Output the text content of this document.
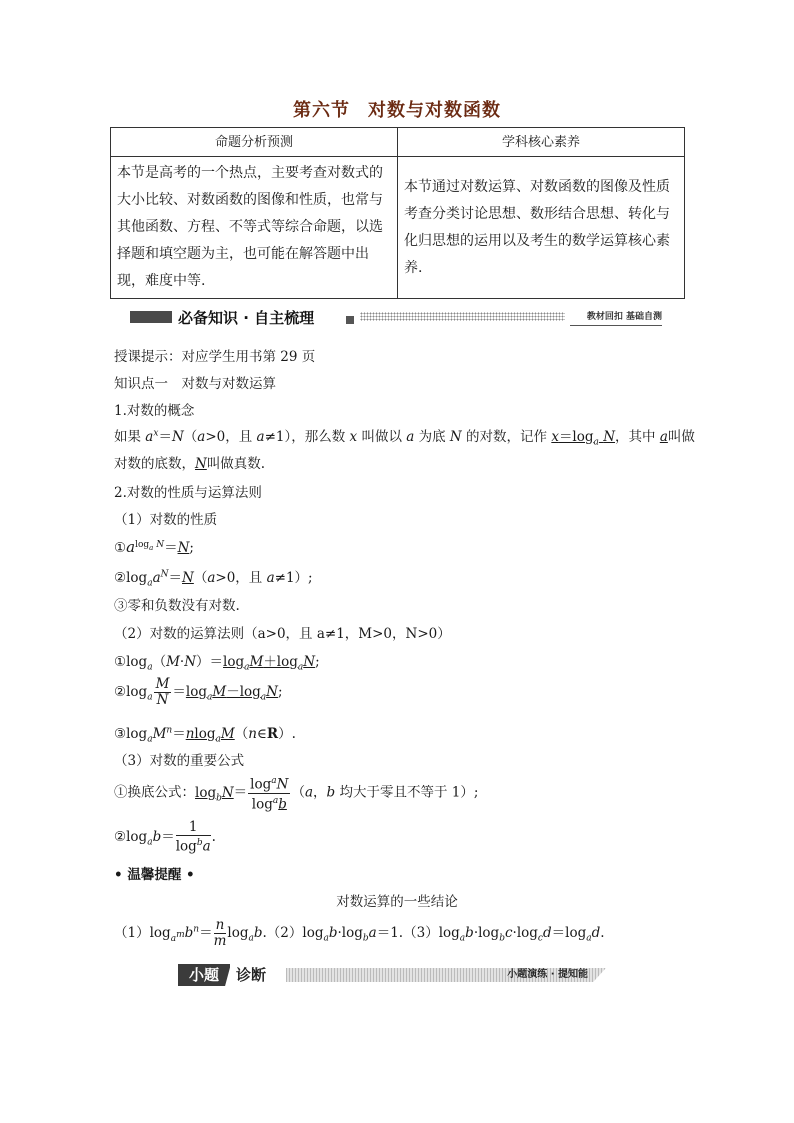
第六节 对数与对数函数
命题分析预测	学科核心素养
本节是高考的一个热点，主要考查对数式的大小比较、对数函数的图像和性质，也常与其他函数、方程、不等式等综合命题，以选择题和填空题为主，也可能在解答题中出现，难度中等.	本节通过对数运算、对数函数的图像及性质考查分类讨论思想、数形结合思想、转化与化归思想的运用以及考生的数学运算核心素养.
必备知识 · 自主梳理	教材回扣 基础自测
授课提示：对应学生用书第 29 页
知识点一　对数与对数运算
1.对数的概念
如果 $a^x=N(a>0$，且 a≠1），那么数 x 叫做以 a 为底 N 的对数，记作 $x=\log_a$ N，其中 a叫做
对数的底数，N叫做真数.
2.对数的性质与运算法则
（1）对数的性质
$①a^{log_a N}=N$;
$②\log_aa^N=N(a>0$，且 a≠1）;
③零和负数没有对数.
（2）对数的运算法则（a>0，且 a≠1，M>0，N>0）
$①\log_a(M\cdot N)=\log_aM+\log_aN$;
$②\log_a \frac{M}{N} =\log_aM-\log_aN$;
$③\log_aM^n=nlog_aM(n\in R)$.
（3）对数的重要公式
①换底公式：$\log_bN= \frac{\log^aN}{\log^ab} (a$，b 均大于零且不等于 1）;
$②\log_ab= \frac{1}{\log^ba}$ .
• 温馨提醒 •
对数运算的一些结论
$(1)\log_{a^m}b^n= \frac{n}{m} \log_ab.(2)\log_ab\cdot\log_ba=1.(3)\log_ab\cdot\log_bc\cdot\log_cd=\log_ad$.
小题	诊断	小题演练 · 提知能
